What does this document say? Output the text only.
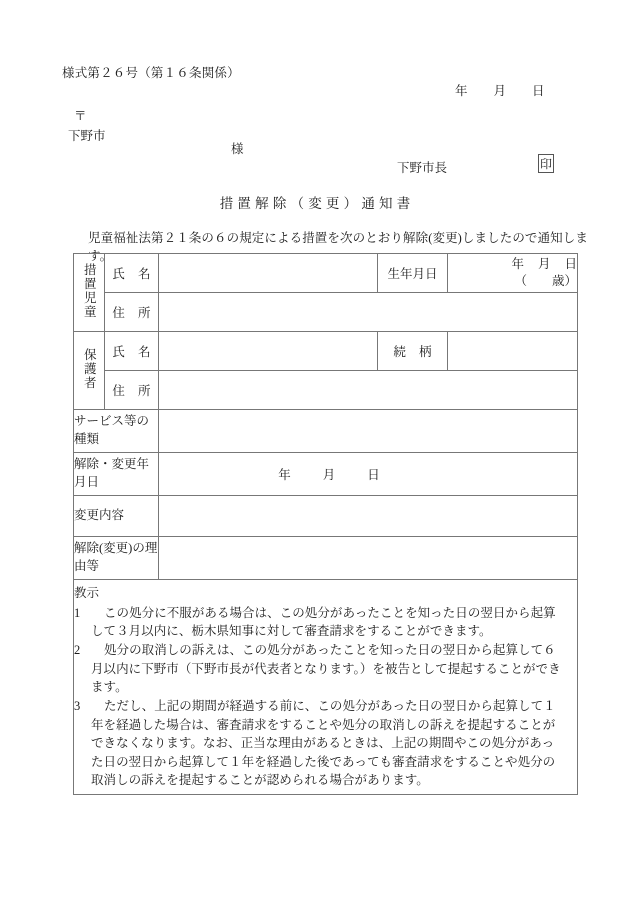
様式第２６号（第１６条関係）
年 月 日
〒
下野市
様
下野市長	印
措置解除（変更）通知書
児童福祉法第２１条の６の規定による措置を次のとおり解除(変更)しましたので通知します。
措置児童	氏 名		生年月日	年 月 日
（　　歳）

	住 所			
保護者	氏 名		続 柄	
	住 所			
サービス等の種類				
解除・変更年月日		年 月 日		
変更内容				
解除(変更)の理由等				

教示
1 この処分に不服がある場合は、この処分があったことを知った日の翌日から起算して３月以内に、栃木県知事に対して審査請求をすることができます。
2 処分の取消しの訴えは、この処分があったことを知った日の翌日から起算して６月以内に下野市（下野市長が代表者となります。）を被告として提起することができます。
3 ただし、上記の期間が経過する前に、この処分があった日の翌日から起算して１年を経過した場合は、審査請求をすることや処分の取消しの訴えを提起することができなくなります。なお、正当な理由があるときは、上記の期間やこの処分があった日の翌日から起算して１年を経過した後であっても審査請求をすることや処分の取消しの訴えを提起することが認められる場合があります。
